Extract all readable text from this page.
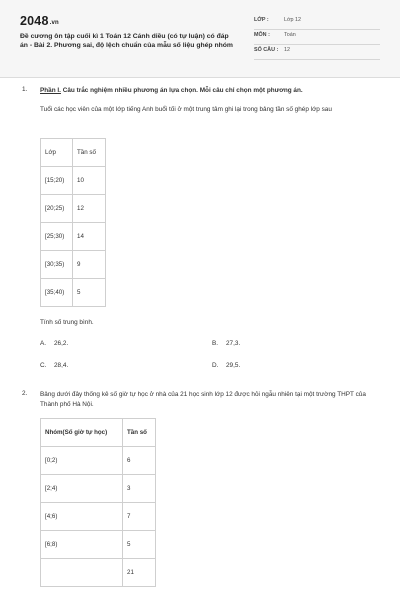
2048.vn
Đề cương ôn tập cuối kì 1 Toán 12 Cánh diều (có tự luận) có đáp án - Bài 2. Phương sai, độ lệch chuẩn của mẫu số liệu ghép nhóm
LỚP :	Lớp 12
MÔN :	Toán
SỐ CÂU : 12
1. Phần I. Câu trắc nghiệm nhiều phương án lựa chọn. Mỗi câu chỉ chọn một phương án.
Tuổi các học viên của một lớp tiếng Anh buổi tối ở một trung tâm ghi lại trong bảng tần số ghép lớp sau
Lớp	Tần số
[15;20)	10
[20;25)	12
[25;30)	14
[30;35)	9
[35;40)	5
Tính số trung bình.
A. 26,2.	B. 27,3.
C. 28,4.	D. 29,5.
2. Bảng dưới đây thống kê số giờ tự học ở nhà của 21 học sinh lớp 12 được hỏi ngẫu nhiên tại một trường THPT của Thành phố Hà Nội.
Nhóm(Số giờ tự học)	Tần số
[0;2)	6
[2;4)	3
[4;6)	7
[6;8)	5
	21
